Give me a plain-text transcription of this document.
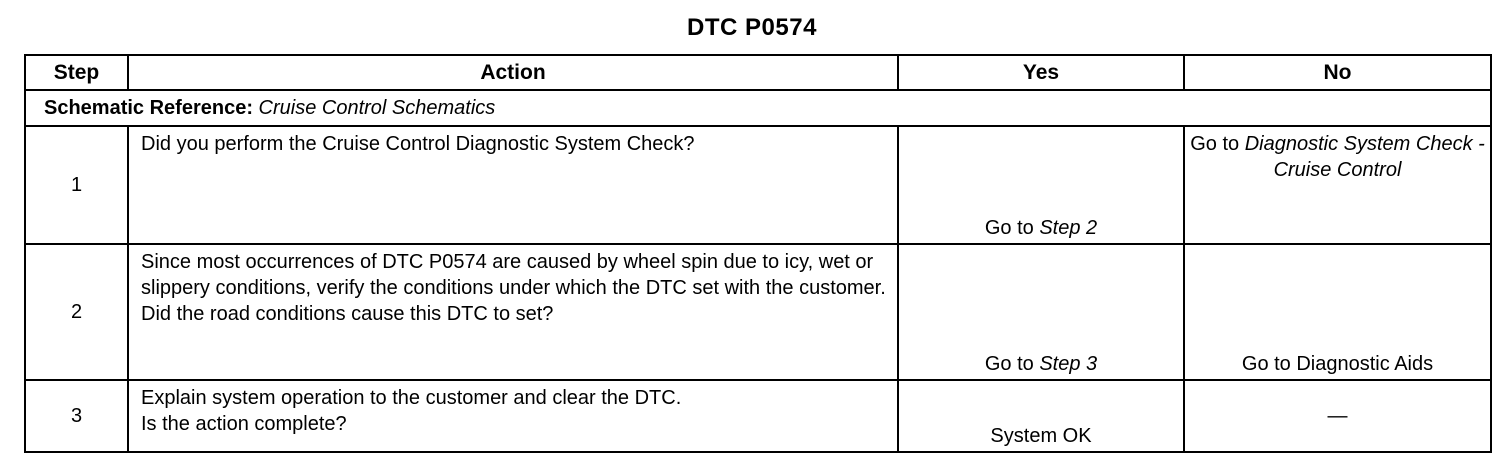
DTC P0574
Step	Action	Yes	No
Schematic Reference: Cruise Control Schematics			
1	Did you perform the Cruise Control Diagnostic System Check?	Go to Step 2	Go to Diagnostic System Check - Cruise Control
2	Since most occurrences of DTC P0574 are caused by wheel spin due to icy, wet or slippery conditions, verify the conditions under which the DTC set with the customer.

Did the road conditions cause this DTC to set?	Go to Step 3	Go to Diagnostic Aids
3	Explain system operation to the customer and clear the DTC.

Is the action complete?	System OK	—
